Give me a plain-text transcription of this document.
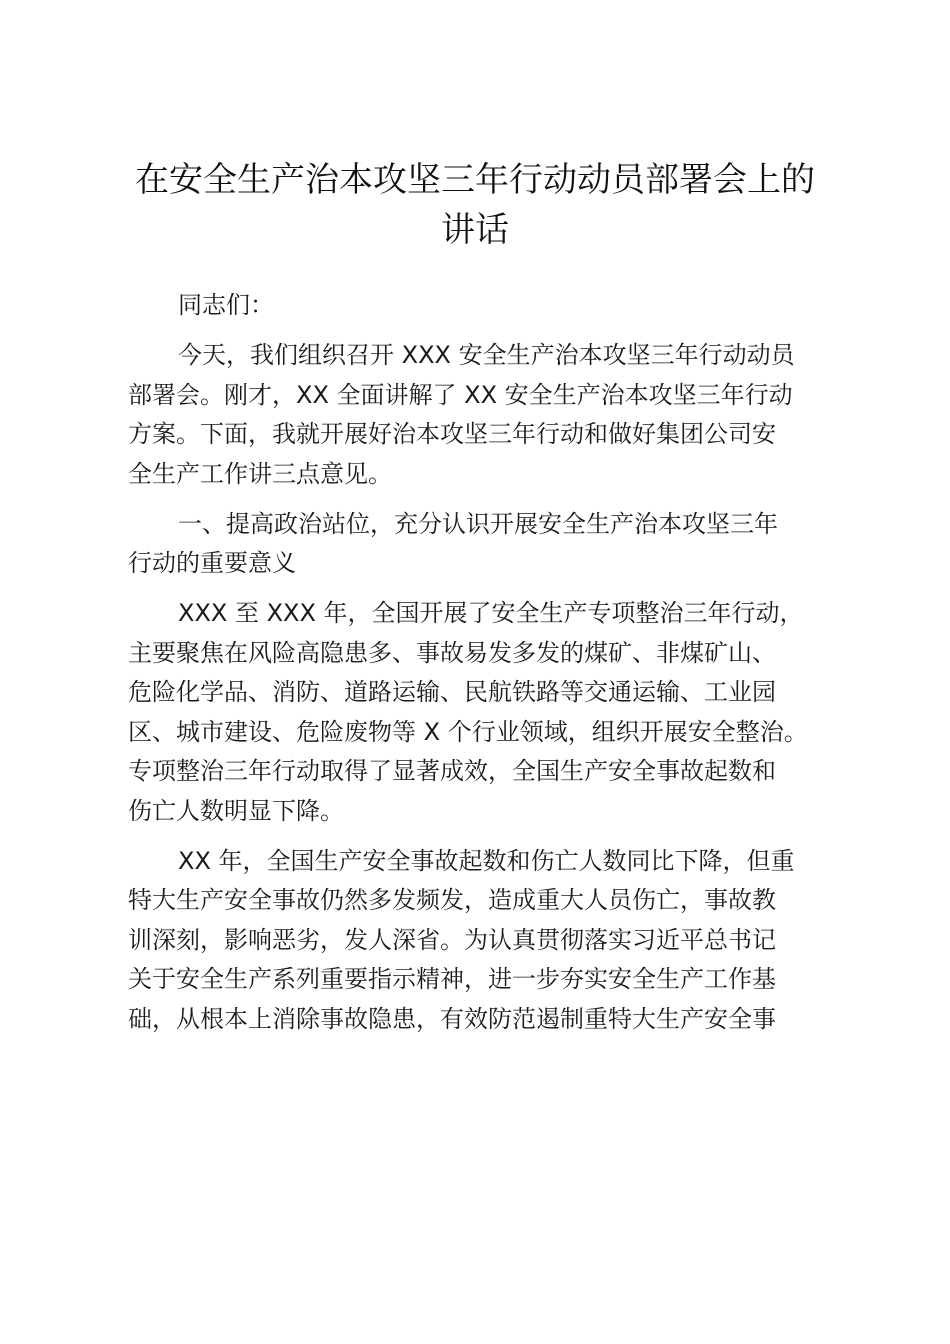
在安全生产治本攻坚三年行动动员部署会上的
讲话
同志们：
今天，我们组织召开 XXX 安全生产治本攻坚三年行动动员
部署会。刚才，XX 全面讲解了 XX 安全生产治本攻坚三年行动
方案。下面，我就开展好治本攻坚三年行动和做好集团公司安
全生产工作讲三点意见。
一、提高政治站位，充分认识开展安全生产治本攻坚三年
行动的重要意义
XXX 至 XXX 年，全国开展了安全生产专项整治三年行动，
主要聚焦在风险高隐患多、事故易发多发的煤矿、非煤矿山、
危险化学品、消防、道路运输、民航铁路等交通运输、工业园
区、城市建设、危险废物等 X 个行业领域，组织开展安全整治。
专项整治三年行动取得了显著成效，全国生产安全事故起数和
伤亡人数明显下降。
XX 年，全国生产安全事故起数和伤亡人数同比下降，但重
特大生产安全事故仍然多发频发，造成重大人员伤亡，事故教
训深刻，影响恶劣，发人深省。为认真贯彻落实习近平总书记
关于安全生产系列重要指示精神，进一步夯实安全生产工作基
础，从根本上消除事故隐患，有效防范遏制重特大生产安全事
